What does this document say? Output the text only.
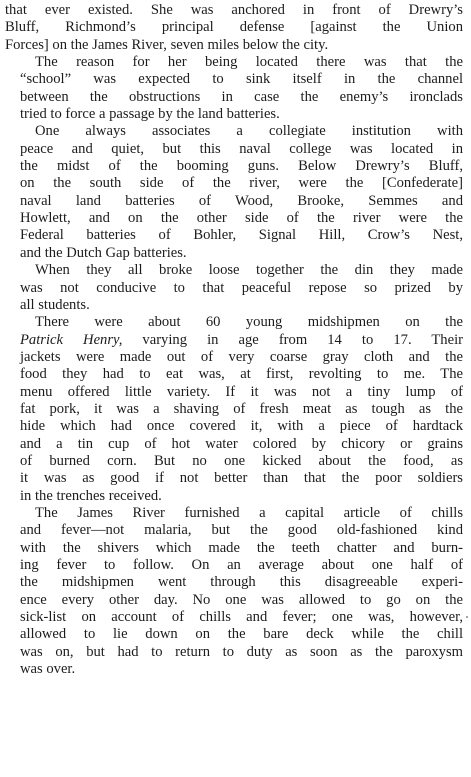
that ever existed. She was anchored in front of Drewry’s
Bluff, Richmond’s principal defense [against the Union
Forces] on the James River, seven miles below the city.

The reason for her being located there was that the
“school” was expected to sink itself in the channel
between the obstructions in case the enemy’s ironclads
tried to force a passage by the land batteries.

One always associates a collegiate institution with
peace and quiet, but this naval college was located in
the midst of the booming guns. Below Drewry’s Bluff,
on the south side of the river, were the [Confederate]
naval land batteries of Wood, Brooke, Semmes and
Howlett, and on the other side of the river were the
Federal batteries of Bohler, Signal Hill, Crow’s Nest,
and the Dutch Gap batteries.

When they all broke loose together the din they made
was not conducive to that peaceful repose so prized by
all students.

There were about 60 young midshipmen on the
Patrick Henry, varying in age from 14 to 17. Their
jackets were made out of very coarse gray cloth and the
food they had to eat was, at first, revolting to me. The
menu offered little variety. If it was not a tiny lump of
fat pork, it was a shaving of fresh meat as tough as the
hide which had once covered it, with a piece of hardtack
and a tin cup of hot water colored by chicory or grains
of burned corn. But no one kicked about the food, as
it was as good if not better than that the poor soldiers
in the trenches received.

The James River furnished a capital article of chills
and fever—not malaria, but the good old-fashioned kind
with the shivers which made the teeth chatter and burn-
ing fever to follow. On an average about one half of
the midshipmen went through this disagreeable experi-
ence every other day. No one was allowed to go on the
sick-list on account of chills and fever; one was, however,
allowed to lie down on the bare deck while the chill
was on, but had to return to duty as soon as the paroxysm
was over.
